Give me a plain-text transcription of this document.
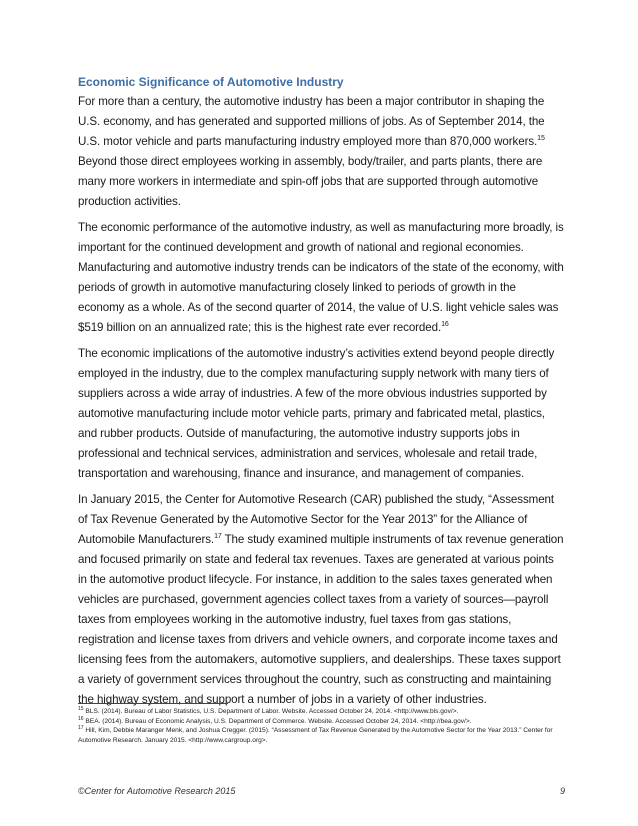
Economic Significance of Automotive Industry

For more than a century, the automotive industry has been a major contributor in shaping the U.S. economy, and has generated and supported millions of jobs. As of September 2014, the U.S. motor vehicle and parts manufacturing industry employed more than 870,000 workers.$^{15}$ Beyond those direct employees working in assembly, body/trailer, and parts plants, there are many more workers in intermediate and spin-off jobs that are supported through automotive production activities.

The economic performance of the automotive industry, as well as manufacturing more broadly, is important for the continued development and growth of national and regional economies. Manufacturing and automotive industry trends can be indicators of the state of the economy, with periods of growth in automotive manufacturing closely linked to periods of growth in the economy as a whole. As of the second quarter of 2014, the value of U.S. light vehicle sales was $519 billion on an annualized rate; this is the highest rate ever recorded.$^{16}$

The economic implications of the automotive industry’s activities extend beyond people directly employed in the industry, due to the complex manufacturing supply network with many tiers of suppliers across a wide array of industries. A few of the more obvious industries supported by automotive manufacturing include motor vehicle parts, primary and fabricated metal, plastics, and rubber products. Outside of manufacturing, the automotive industry supports jobs in professional and technical services, administration and services, wholesale and retail trade, transportation and warehousing, finance and insurance, and management of companies.

In January 2015, the Center for Automotive Research (CAR) published the study, “Assessment of Tax Revenue Generated by the Automotive Sector for the Year 2013” for the Alliance of Automobile Manufacturers.$^{17}$ The study examined multiple instruments of tax revenue generation and focused primarily on state and federal tax revenues. Taxes are generated at various points in the automotive product lifecycle. For instance, in addition to the sales taxes generated when vehicles are purchased, government agencies collect taxes from a variety of sources—payroll taxes from employees working in the automotive industry, fuel taxes from gas stations, registration and license taxes from drivers and vehicle owners, and corporate income taxes and licensing fees from the automakers, automotive suppliers, and dealerships. These taxes support a variety of government services throughout the country, such as constructing and maintaining the highway system, and support a number of jobs in a variety of other industries.

$^{15}$ BLS. (2014). Bureau of Labor Statistics, U.S. Department of Labor. Website. Accessed October 24, 2014. <http://www.bls.gov/>.

$^{16}$ BEA. (2014). Bureau of Economic Analysis, U.S. Department of Commerce. Website. Accessed October 24, 2014. <http://bea.gov/>.

$^{17}$ Hill, Kim, Debbie Maranger Menk, and Joshua Cregger. (2015). “Assessment of Tax Revenue Generated by the Automotive Sector for the Year 2013.” Center for Automotive Research. January 2015. <http://www.cargroup.org>.

©Center for Automotive Research 2015	9
